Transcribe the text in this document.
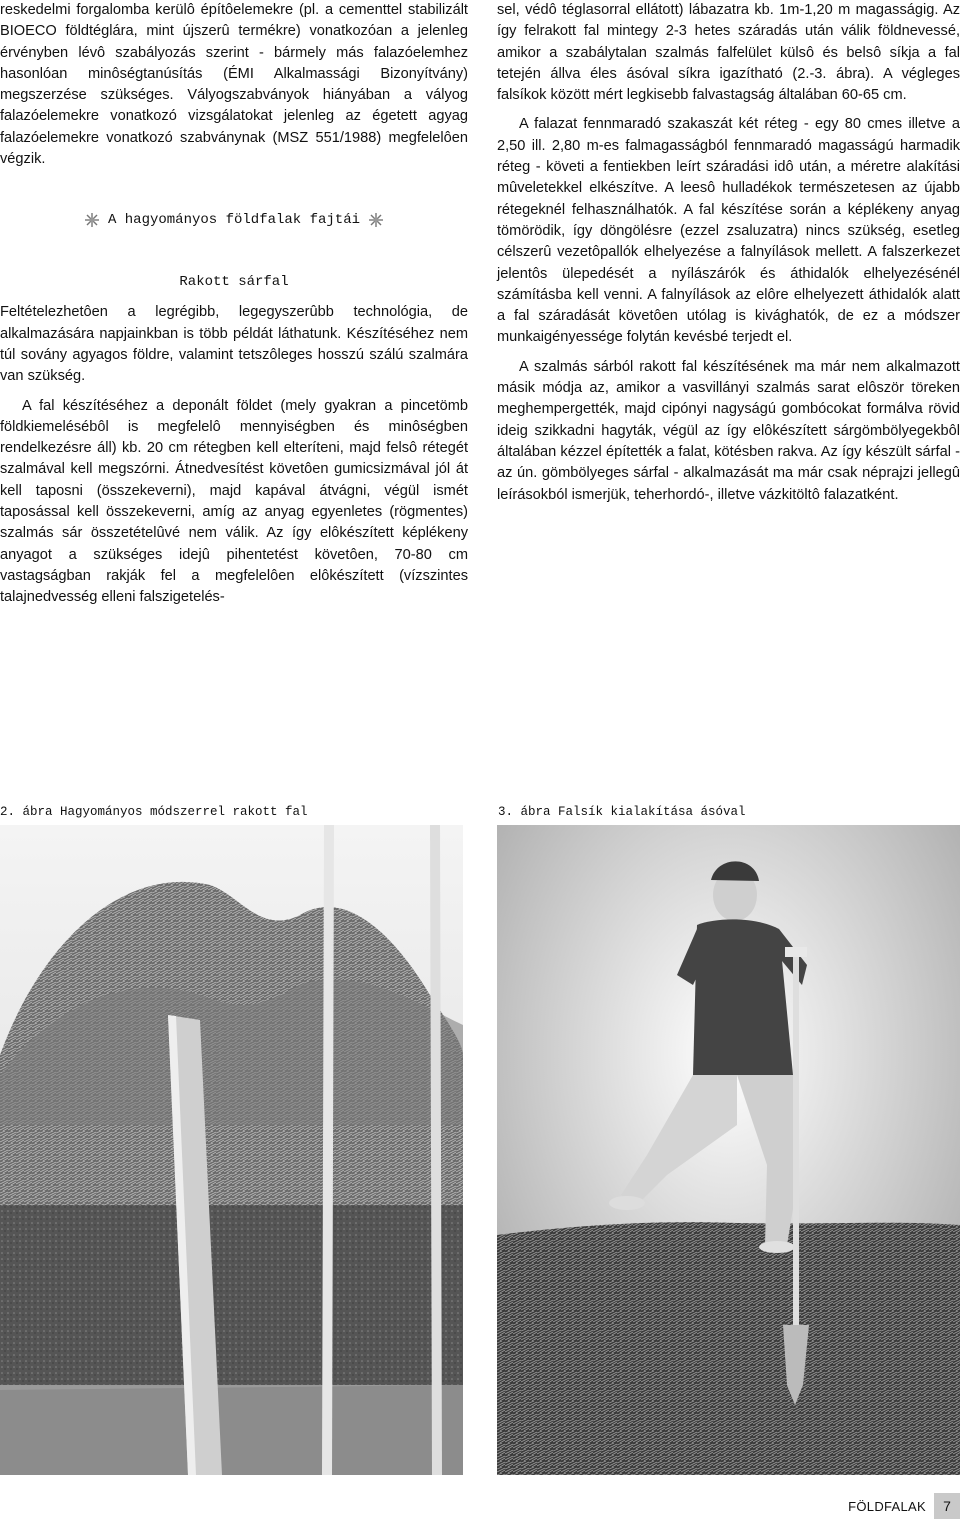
reskedelmi forgalomba kerülô építôelemekre (pl. a cementtel stabilizált BIOECO földtéglára, mint újszerû termékre) vonatkozóan a jelenleg érvényben lévô szabályozás szerint - bármely más falazóelemhez hasonlóan minôségtanúsítás (ÉMI Alkalmassági Bizonyítvány) megszerzése szükséges. Vályogszabványok hiányában a vályog falazóelemekre vonatkozó vizsgálatokat jelenleg az égetett agyag falazóelemekre vonatkozó szabványnak (MSZ 551/1988) megfelelôen végzik.

A hagyományos földfalak fajtái
Rakott sárfal

Feltételezhetôen a legrégibb, legegyszerûbb technológia, de alkalmazására napjainkban is több példát láthatunk. Készítéséhez nem túl sovány agyagos földre, valamint tetszôleges hosszú szálú szalmára van szükség.

A fal készítéséhez a deponált földet (mely gyakran a pincetömb földkiemelésébôl is megfelelô mennyiségben és minôségben rendelkezésre áll) kb. 20 cm rétegben kell elteríteni, majd felsô rétegét szalmával kell megszórni. Átnedvesítést követôen gumicsizmával jól át kell taposni (összekeverni), majd kapával átvágni, végül ismét taposással kell összekeverni, amíg az anyag egyenletes (rögmentes) szalmás sár összetételûvé nem válik. Az így elôkészített képlékeny anyagot a szükséges idejû pihentetést követôen, 70-80 cm vastagságban rakják fel a megfelelôen elôkészített (vízszintes talajnedvesség elleni falszigetelés-

sel, védô téglasorral ellátott) lábazatra kb. 1m-1,20 m magasságig. Az így felrakott fal mintegy 2-3 hetes száradás után válik földnevessé, amikor a szabálytalan szalmás falfelület külsô és belsô síkja a fal tetején állva éles ásóval síkra igazítható (2.-3. ábra). A végleges falsíkok között mért legkisebb falvastagság általában 60-65 cm.

A falazat fennmaradó szakaszát két réteg - egy 80 cmes illetve a 2,50 ill. 2,80 m-es falmagasságból fennmaradó magasságú harmadik réteg - követi a fentiekben leírt száradási idô után, a méretre alakítási mûveletekkel elkészítve. A leesô hulladékok természetesen az újabb rétegeknél felhasználhatók. A fal készítése során a képlékeny anyag tömörödik, így döngölésre (ezzel zsaluzatra) nincs szükség, esetleg célszerû vezetôpallók elhelyezése a falnyílások mellett. A falszerkezet jelentôs ülepedését a nyílászárók és áthidalók elhelyezésénél számításba kell venni. A falnyílások az elôre elhelyezett áthidalók alatt a fal száradását követôen utólag is kivághatók, de ez a módszer munkaigényessége folytán kevésbé terjedt el.

A szalmás sárból rakott fal készítésének ma már nem alkalmazott másik módja az, amikor a vasvillányi szalmás sarat elôször töreken meghempergették, majd cipónyi nagyságú gombócokat formálva rövid ideig szikkadni hagyták, végül az így elôkészített sárgömbölyegekbôl általában kézzel építették a falat, kötésben rakva. Az így készült sárfal - az ún. gömbölyeges sárfal - alkalmazását ma már csak néprajzi jellegû leírásokból ismerjük, teherhordó-, illetve vázkitöltô falazatként.

2. ábra Hagyományos módszerrel rakott fal	3. ábra Falsík kialakítása ásóval
FÖLDFALAK	7
